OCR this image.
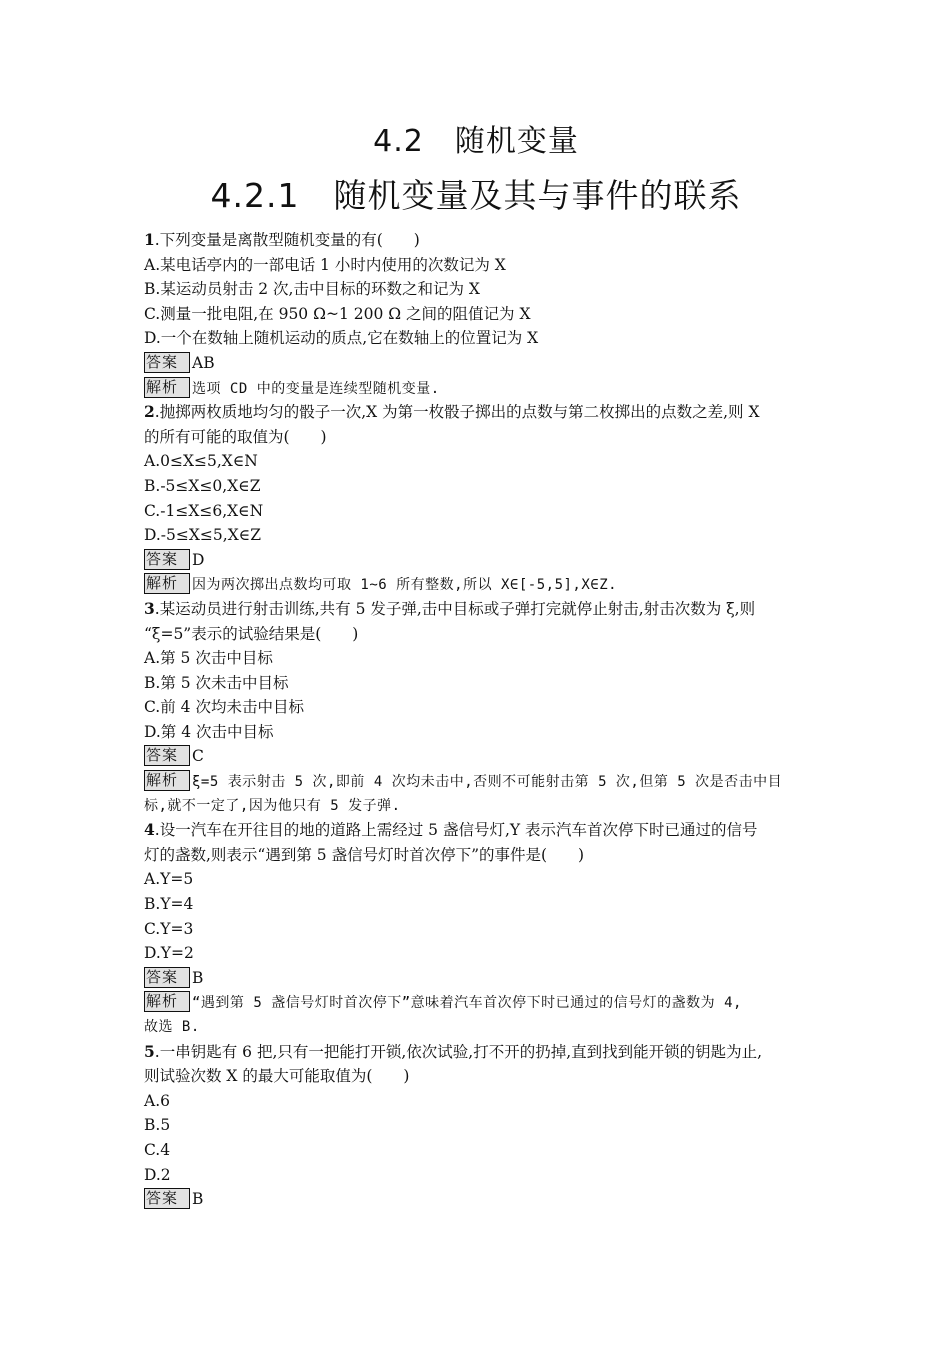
4.2　随机变量
4.2.1　随机变量及其与事件的联系
1.下列变量是离散型随机变量的有(　　)
A.某电话亭内的一部电话 1 小时内使用的次数记为 X
B.某运动员射击 2 次,击中目标的环数之和记为 X
C.测量一批电阻,在 950 Ω~1 200 Ω 之间的阻值记为 X
D.一个在数轴上随机运动的质点,它在数轴上的位置记为 X
答案 AB
解析 选项 CD 中的变量是连续型随机变量.
2.抛掷两枚质地均匀的骰子一次,X 为第一枚骰子掷出的点数与第二枚掷出的点数之差,则 X
的所有可能的取值为(　　)
A.0≤X≤5,X∈N
B.-5≤X≤0,X∈Z
C.-1≤X≤6,X∈N
D.-5≤X≤5,X∈Z
答案 D
解析 因为两次掷出点数均可取 1~6 所有整数,所以 X∈[-5,5],X∈Z.
3.某运动员进行射击训练,共有 5 发子弹,击中目标或子弹打完就停止射击,射击次数为 ξ,则
“ξ=5”表示的试验结果是(　　)
A.第 5 次击中目标
B.第 5 次未击中目标
C.前 4 次均未击中目标
D.第 4 次击中目标
答案 C
解析 ξ=5 表示射击 5 次,即前 4 次均未击中,否则不可能射击第 5 次,但第 5 次是否击中目
标,就不一定了,因为他只有 5 发子弹.
4.设一汽车在开往目的地的道路上需经过 5 盏信号灯,Y 表示汽车首次停下时已通过的信号
灯的盏数,则表示“遇到第 5 盏信号灯时首次停下”的事件是(　　)
A.Y=5
B.Y=4
C.Y=3
D.Y=2
答案 B
解析 “遇到第 5 盏信号灯时首次停下”意味着汽车首次停下时已通过的信号灯的盏数为 4,
故选 B.
5.一串钥匙有 6 把,只有一把能打开锁,依次试验,打不开的扔掉,直到找到能开锁的钥匙为止,
则试验次数 X 的最大可能取值为(　　)
A.6
B.5
C.4
D.2
答案 B
